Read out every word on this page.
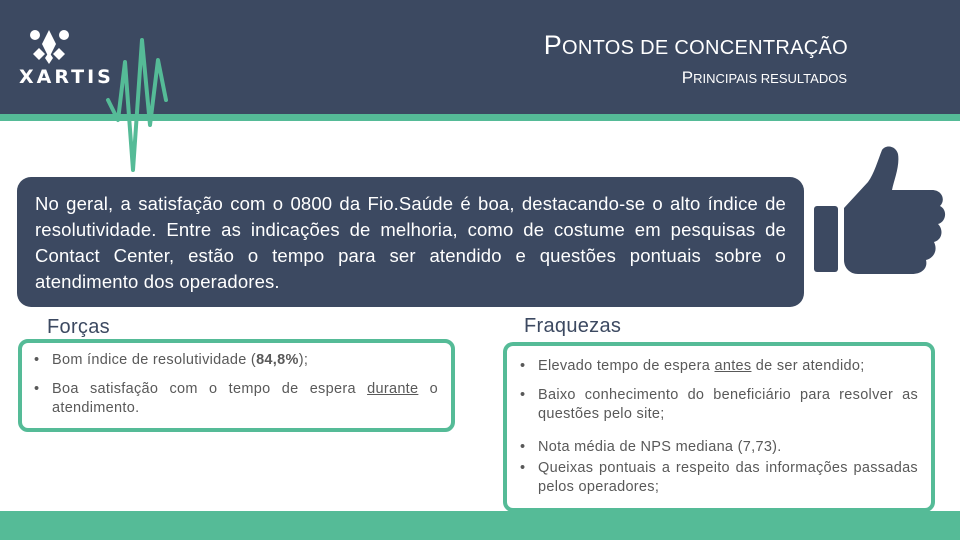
XARTIS
PONTOS DE CONCENTRAÇÃO
PRINCIPAIS RESULTADOS

No geral, a satisfação com o 0800 da Fio.Saúde é boa, destacando-se o alto índice de resolutividade. Entre as indicações de melhoria, como de costume em pesquisas de Contact Center, estão o tempo para ser atendido e questões pontuais sobre o atendimento dos operadores.

Forças	Fraquezas
• Bom índice de resolutividade (84,8%);
• Boa satisfação com o tempo de espera durante o atendimento.
• Elevado tempo de espera antes de ser atendido;
• Baixo conhecimento do beneficiário para resolver as questões pelo site;
• Nota média de NPS mediana (7,73).
• Queixas pontuais a respeito das informações passadas pelos operadores;
